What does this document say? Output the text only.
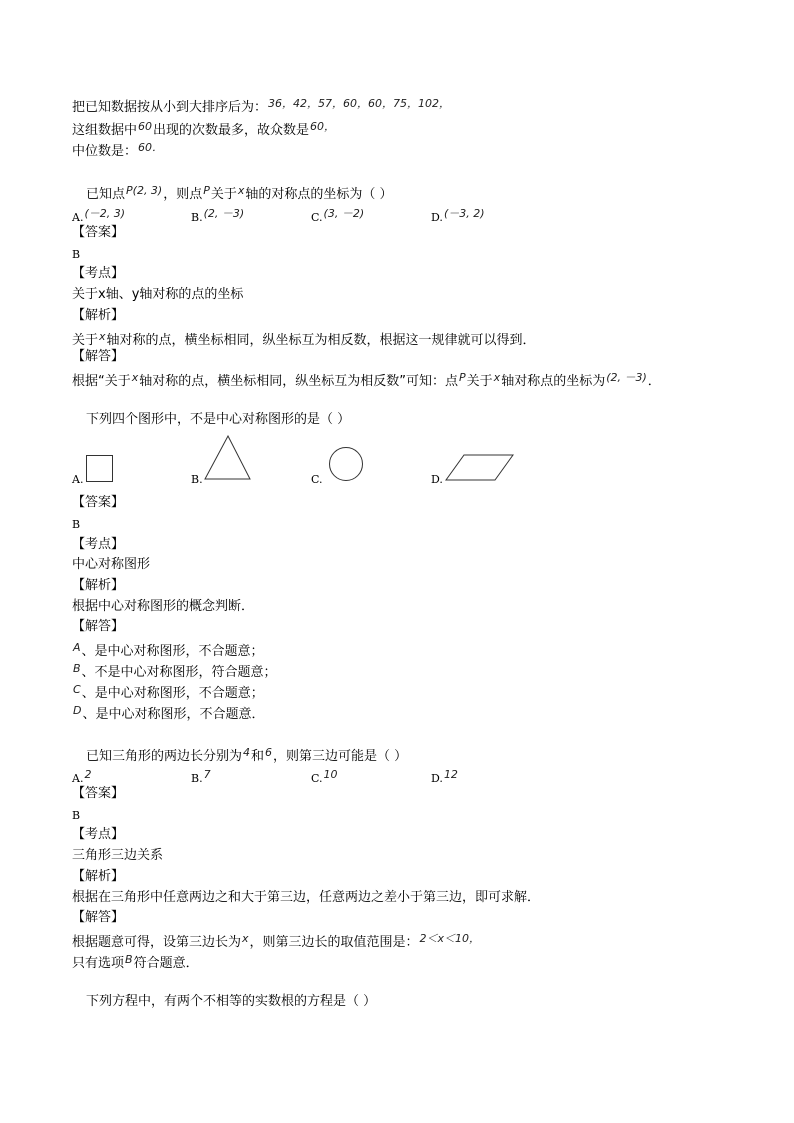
把已知数据按从小到大排序后为：$^{36,42,57,60,60,75,102,}$
这组数据中$^{60}$出现的次数最多，故众数是$^{60,}$
中位数是：$^{60.}$
已知点$^{P(2, 3)}$，则点$^P$关于$^x$轴的对称点的坐标为（ ）
A.$^{(-2, 3)}$	B.$^{(2, -3)}$	C.$^{(3, -2)}$	D.$^{(-3, 2)}$
【答案】
B
【考点】
关于x轴、y轴对称的点的坐标
【解析】
关于$^x$轴对称的点，横坐标相同，纵坐标互为相反数，根据这一规律就可以得到．
【解答】
根据“关于$^x$轴对称的点，横坐标相同，纵坐标互为相反数”可知：点$^P$关于$^x$轴对称点的坐标为$^{(2, -3)}$．
下列四个图形中，不是中心对称图形的是（ ）
A.	B.	C.	D.
【答案】
B
【考点】
中心对称图形
【解析】
根据中心对称图形的概念判断．
【解答】
$^A$、是中心对称图形，不合题意；
$^B$、不是中心对称图形，符合题意；
$^C$、是中心对称图形，不合题意；
$^D$、是中心对称图形，不合题意．
已知三角形的两边长分别为$^4$和$^6$，则第三边可能是（ ）
A.$^2$	B.$^7$	C.$^{10}$	D.$^{12}$
【答案】
B
【考点】
三角形三边关系
【解析】
根据在三角形中任意两边之和大于第三边，任意两边之差小于第三边，即可求解．
【解答】
根据题意可得，设第三边长为$^x$，则第三边长的取值范围是：$^{2<x<10,}$
只有选项$^B$符合题意．
下列方程中，有两个不相等的实数根的方程是（ ）
